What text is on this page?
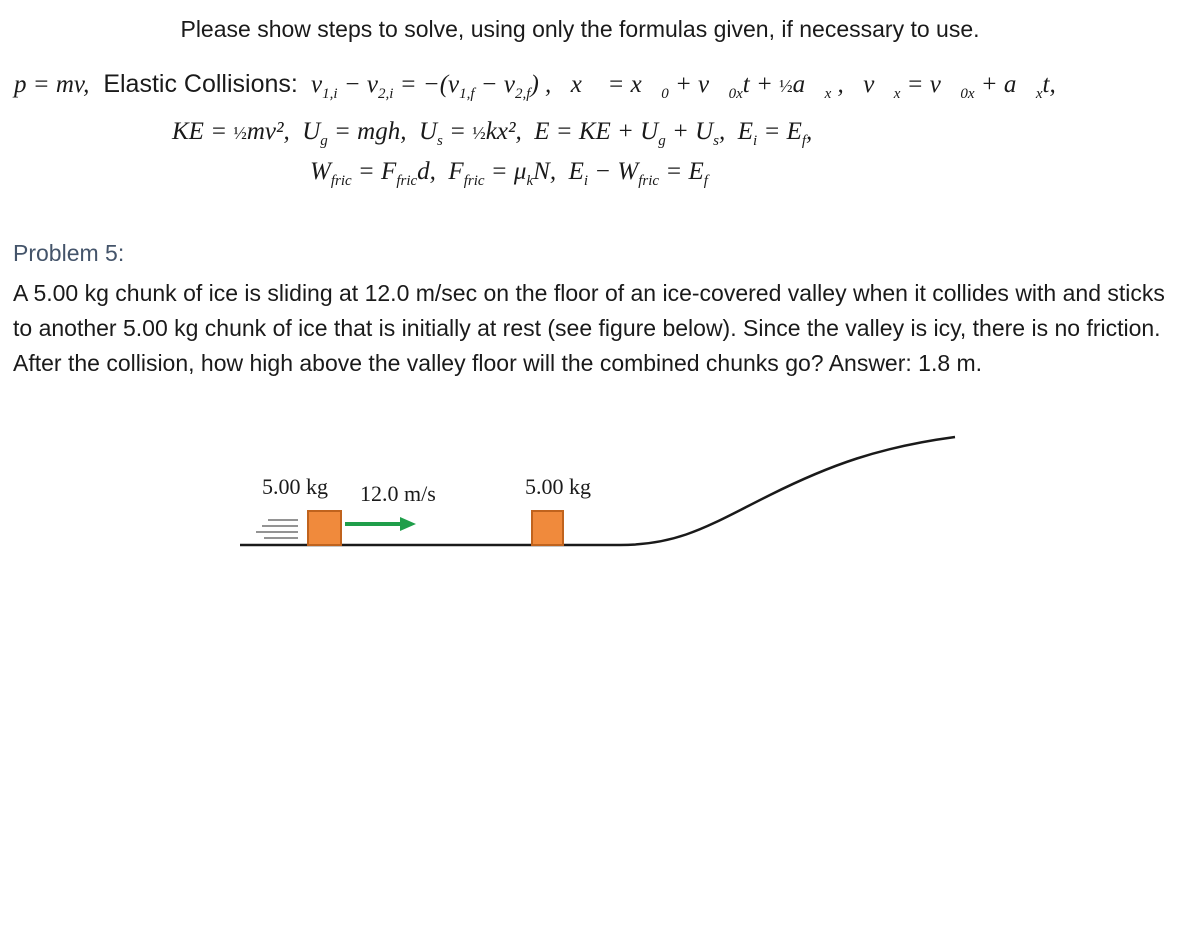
Please show steps to solve, using only the formulas given, if necessary to use.
p = mv,  Elastic Collisions:  $v_{1,i} - v_{2,i} = -(v_{1,f} - v_{2,f})$ ,   x⃗ = $x⃗_0$ + $v⃗_{0x}t$ + $\frac{1}{2}a⃗_x$ ,   $v⃗_x$ = $v⃗_{0x}$ + $a⃗_xt$,
KE = ½mv²,  $U_g$ = mgh,  $U_s$ = ½kx²,  E = KE + $U_g + U_s$,  $E_i = E_f$,
$W_{fric} = F_{fric}d$,  $F_{fric} = \mu_kN$,  $E_i - W_{fric} = E_f$
Problem 5:
A 5.00 kg chunk of ice is sliding at 12.0 m/sec on the floor of an ice-covered valley when it collides with and sticks to another 5.00 kg chunk of ice that is initially at rest (see figure below). Since the valley is icy, there is no friction. After the collision, how high above the valley floor will the combined chunks go? Answer: 1.8 m.
5.00 kg 12.0 m/s	5.00 kg
